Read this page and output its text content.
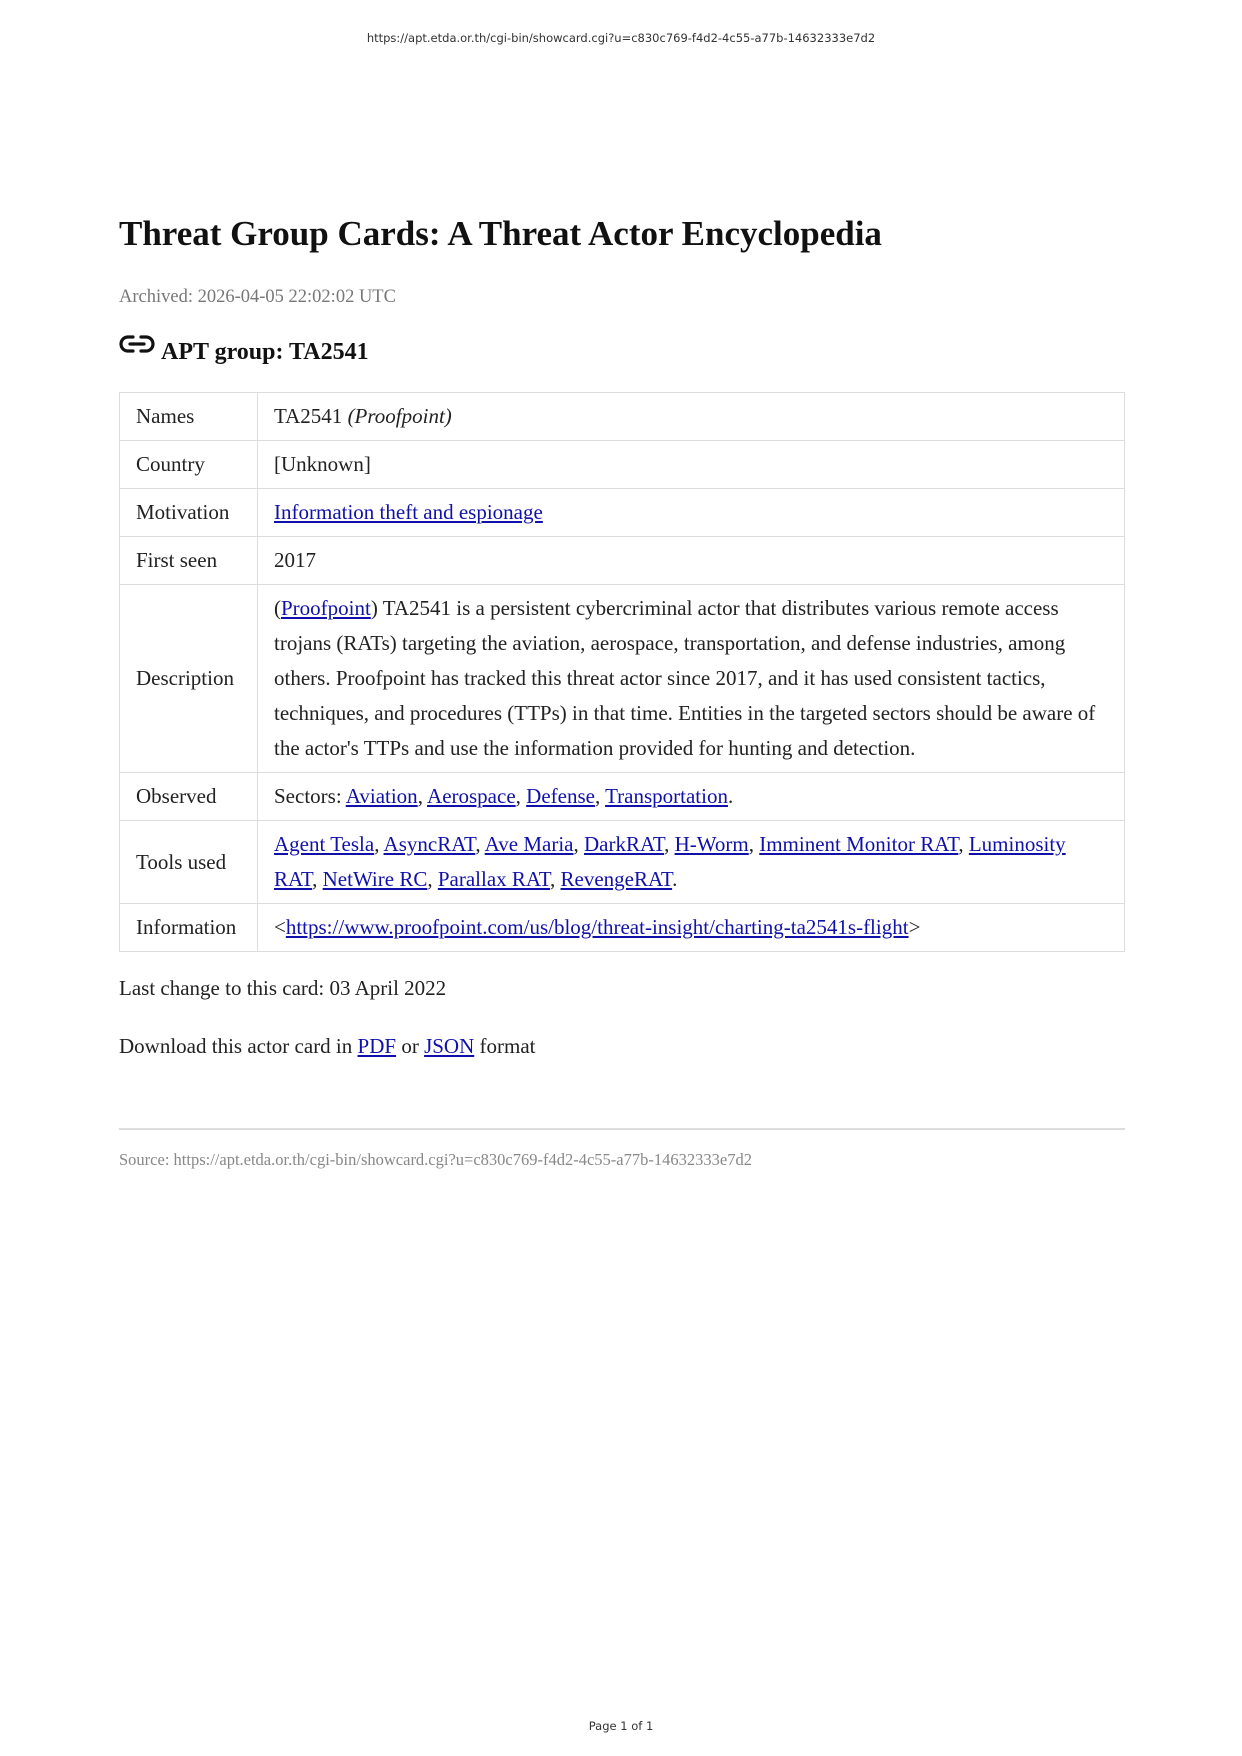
https://apt.etda.or.th/cgi-bin/showcard.cgi?u=c830c769-f4d2-4c55-a77b-14632333e7d2
Threat Group Cards: A Threat Actor Encyclopedia
Archived: 2026-04-05 22:02:02 UTC
APT group: TA2541
Names	TA2541 (Proofpoint)
Country	[Unknown]
Motivation	Information theft and espionage
First seen	2017
Description	(Proofpoint) TA2541 is a persistent cybercriminal actor that distributes various remote access trojans (RATs) targeting the aviation, aerospace, transportation, and defense industries, among others. Proofpoint has tracked this threat actor since 2017, and it has used consistent tactics, techniques, and procedures (TTPs) in that time. Entities in the targeted sectors should be aware of the actor's TTPs and use the information provided for hunting and detection.
Observed	Sectors: Aviation, Aerospace, Defense, Transportation.
Tools used	Agent Tesla, AsyncRAT, Ave Maria, DarkRAT, H-Worm, Imminent Monitor RAT, Luminosity RAT, NetWire RC, Parallax RAT, RevengeRAT.
Information	<https://www.proofpoint.com/us/blog/threat-insight/charting-ta2541s-flight>

Last change to this card: 03 April 2022

Download this actor card in PDF or JSON format

Source: https://apt.etda.or.th/cgi-bin/showcard.cgi?u=c830c769-f4d2-4c55-a77b-14632333e7d2
Page 1 of 1
